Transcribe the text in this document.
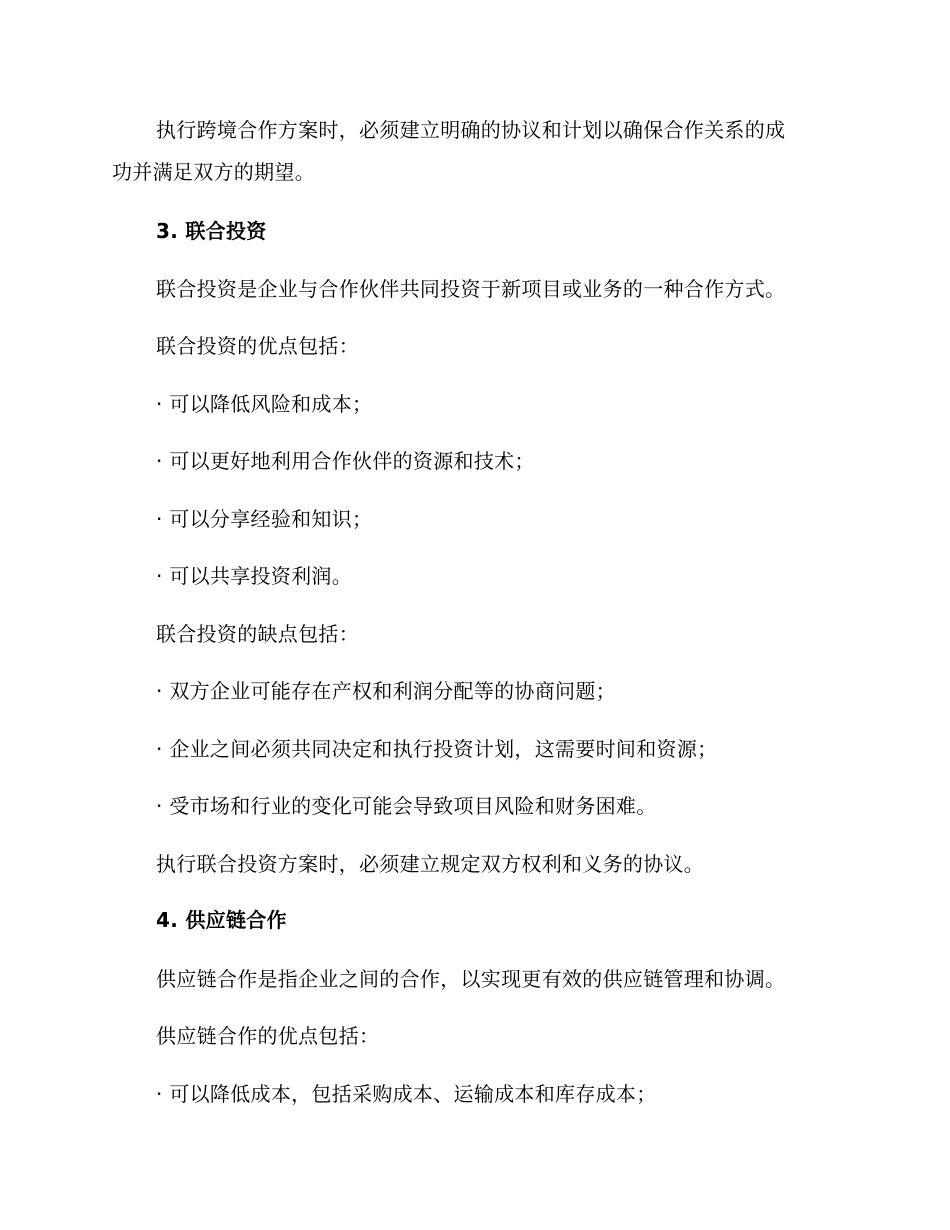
执行跨境合作方案时，必须建立明确的协议和计划以确保合作关系的成
功并满足双方的期望。
3. 联合投资
联合投资是企业与合作伙伴共同投资于新项目或业务的一种合作方式。
联合投资的优点包括：
· 可以降低风险和成本；
· 可以更好地利用合作伙伴的资源和技术；
· 可以分享经验和知识；
· 可以共享投资利润。
联合投资的缺点包括：
· 双方企业可能存在产权和利润分配等的协商问题；
· 企业之间必须共同决定和执行投资计划，这需要时间和资源；
· 受市场和行业的变化可能会导致项目风险和财务困难。
执行联合投资方案时，必须建立规定双方权利和义务的协议。
4. 供应链合作
供应链合作是指企业之间的合作，以实现更有效的供应链管理和协调。
供应链合作的优点包括：
· 可以降低成本，包括采购成本、运输成本和库存成本；
